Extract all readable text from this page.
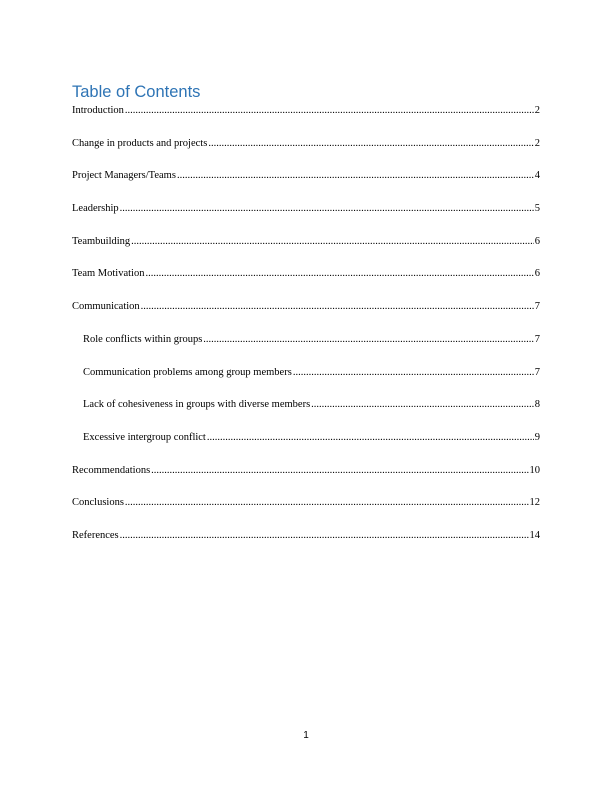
Table of Contents
Introduction .....	2
Change in products and projects .....	2
Project Managers/Teams .....	4
Leadership .....	5
Teambuilding .....	6
Team Motivation .....	6
Communication .....	7
Role conflicts within groups .....	7
Communication problems among group members .....	7
Lack of cohesiveness in groups with diverse members .....	8
Excessive intergroup conflict .....	9
Recommendations .....	10
Conclusions .....	12
References .....	14
1
